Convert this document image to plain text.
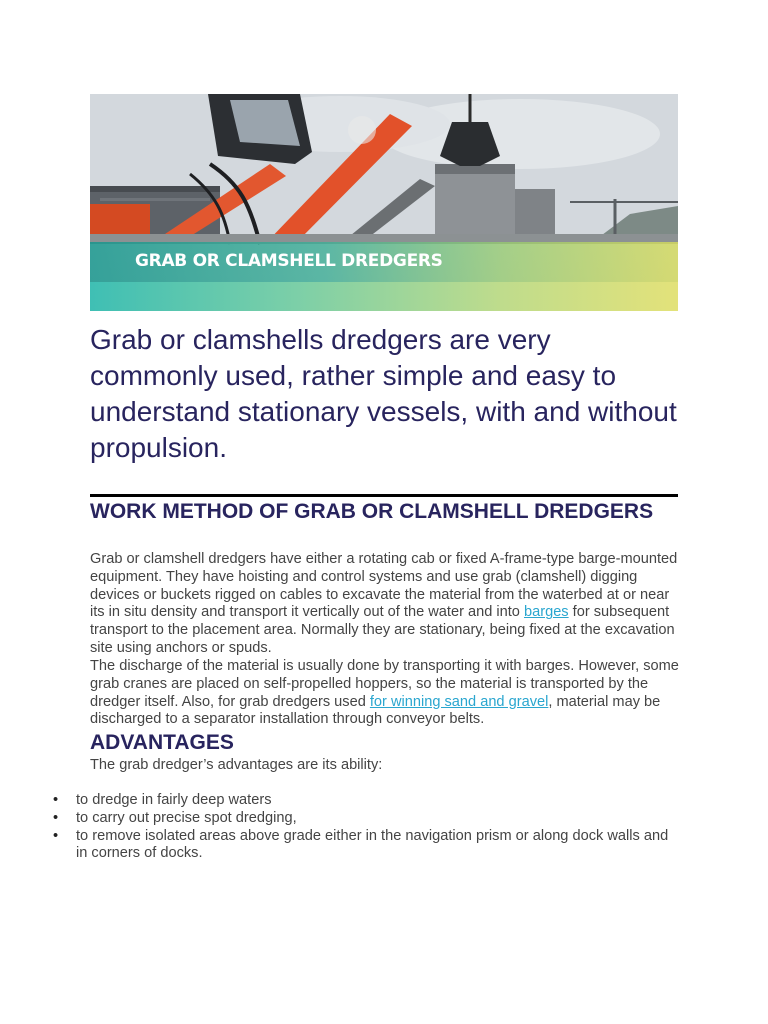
GRAB OR CLAMSHELL DREDGERS

Grab or clamshells dredgers are very commonly used, rather simple and easy to understand stationary vessels, with and without propulsion.

WORK METHOD OF GRAB OR CLAMSHELL DREDGERS

Grab or clamshell dredgers have either a rotating cab or fixed A-frame-type barge-mounted equipment. They have hoisting and control systems and use grab (clamshell) digging devices or buckets rigged on cables to excavate the material from the waterbed at or near its in situ density and transport it vertically out of the water and into barges for subsequent transport to the placement area. Normally they are stationary, being fixed at the excavation site using anchors or spuds.

The discharge of the material is usually done by transporting it with barges. However, some grab cranes are placed on self-propelled hoppers, so the material is transported by the dredger itself. Also, for grab dredgers used for winning sand and gravel, material may be discharged to a separator installation through conveyor belts.

ADVANTAGES

The grab dredger’s advantages are its ability:

• to dredge in fairly deep waters
• to carry out precise spot dredging,
• to remove isolated areas above grade either in the navigation prism or along dock walls and in corners of docks.
